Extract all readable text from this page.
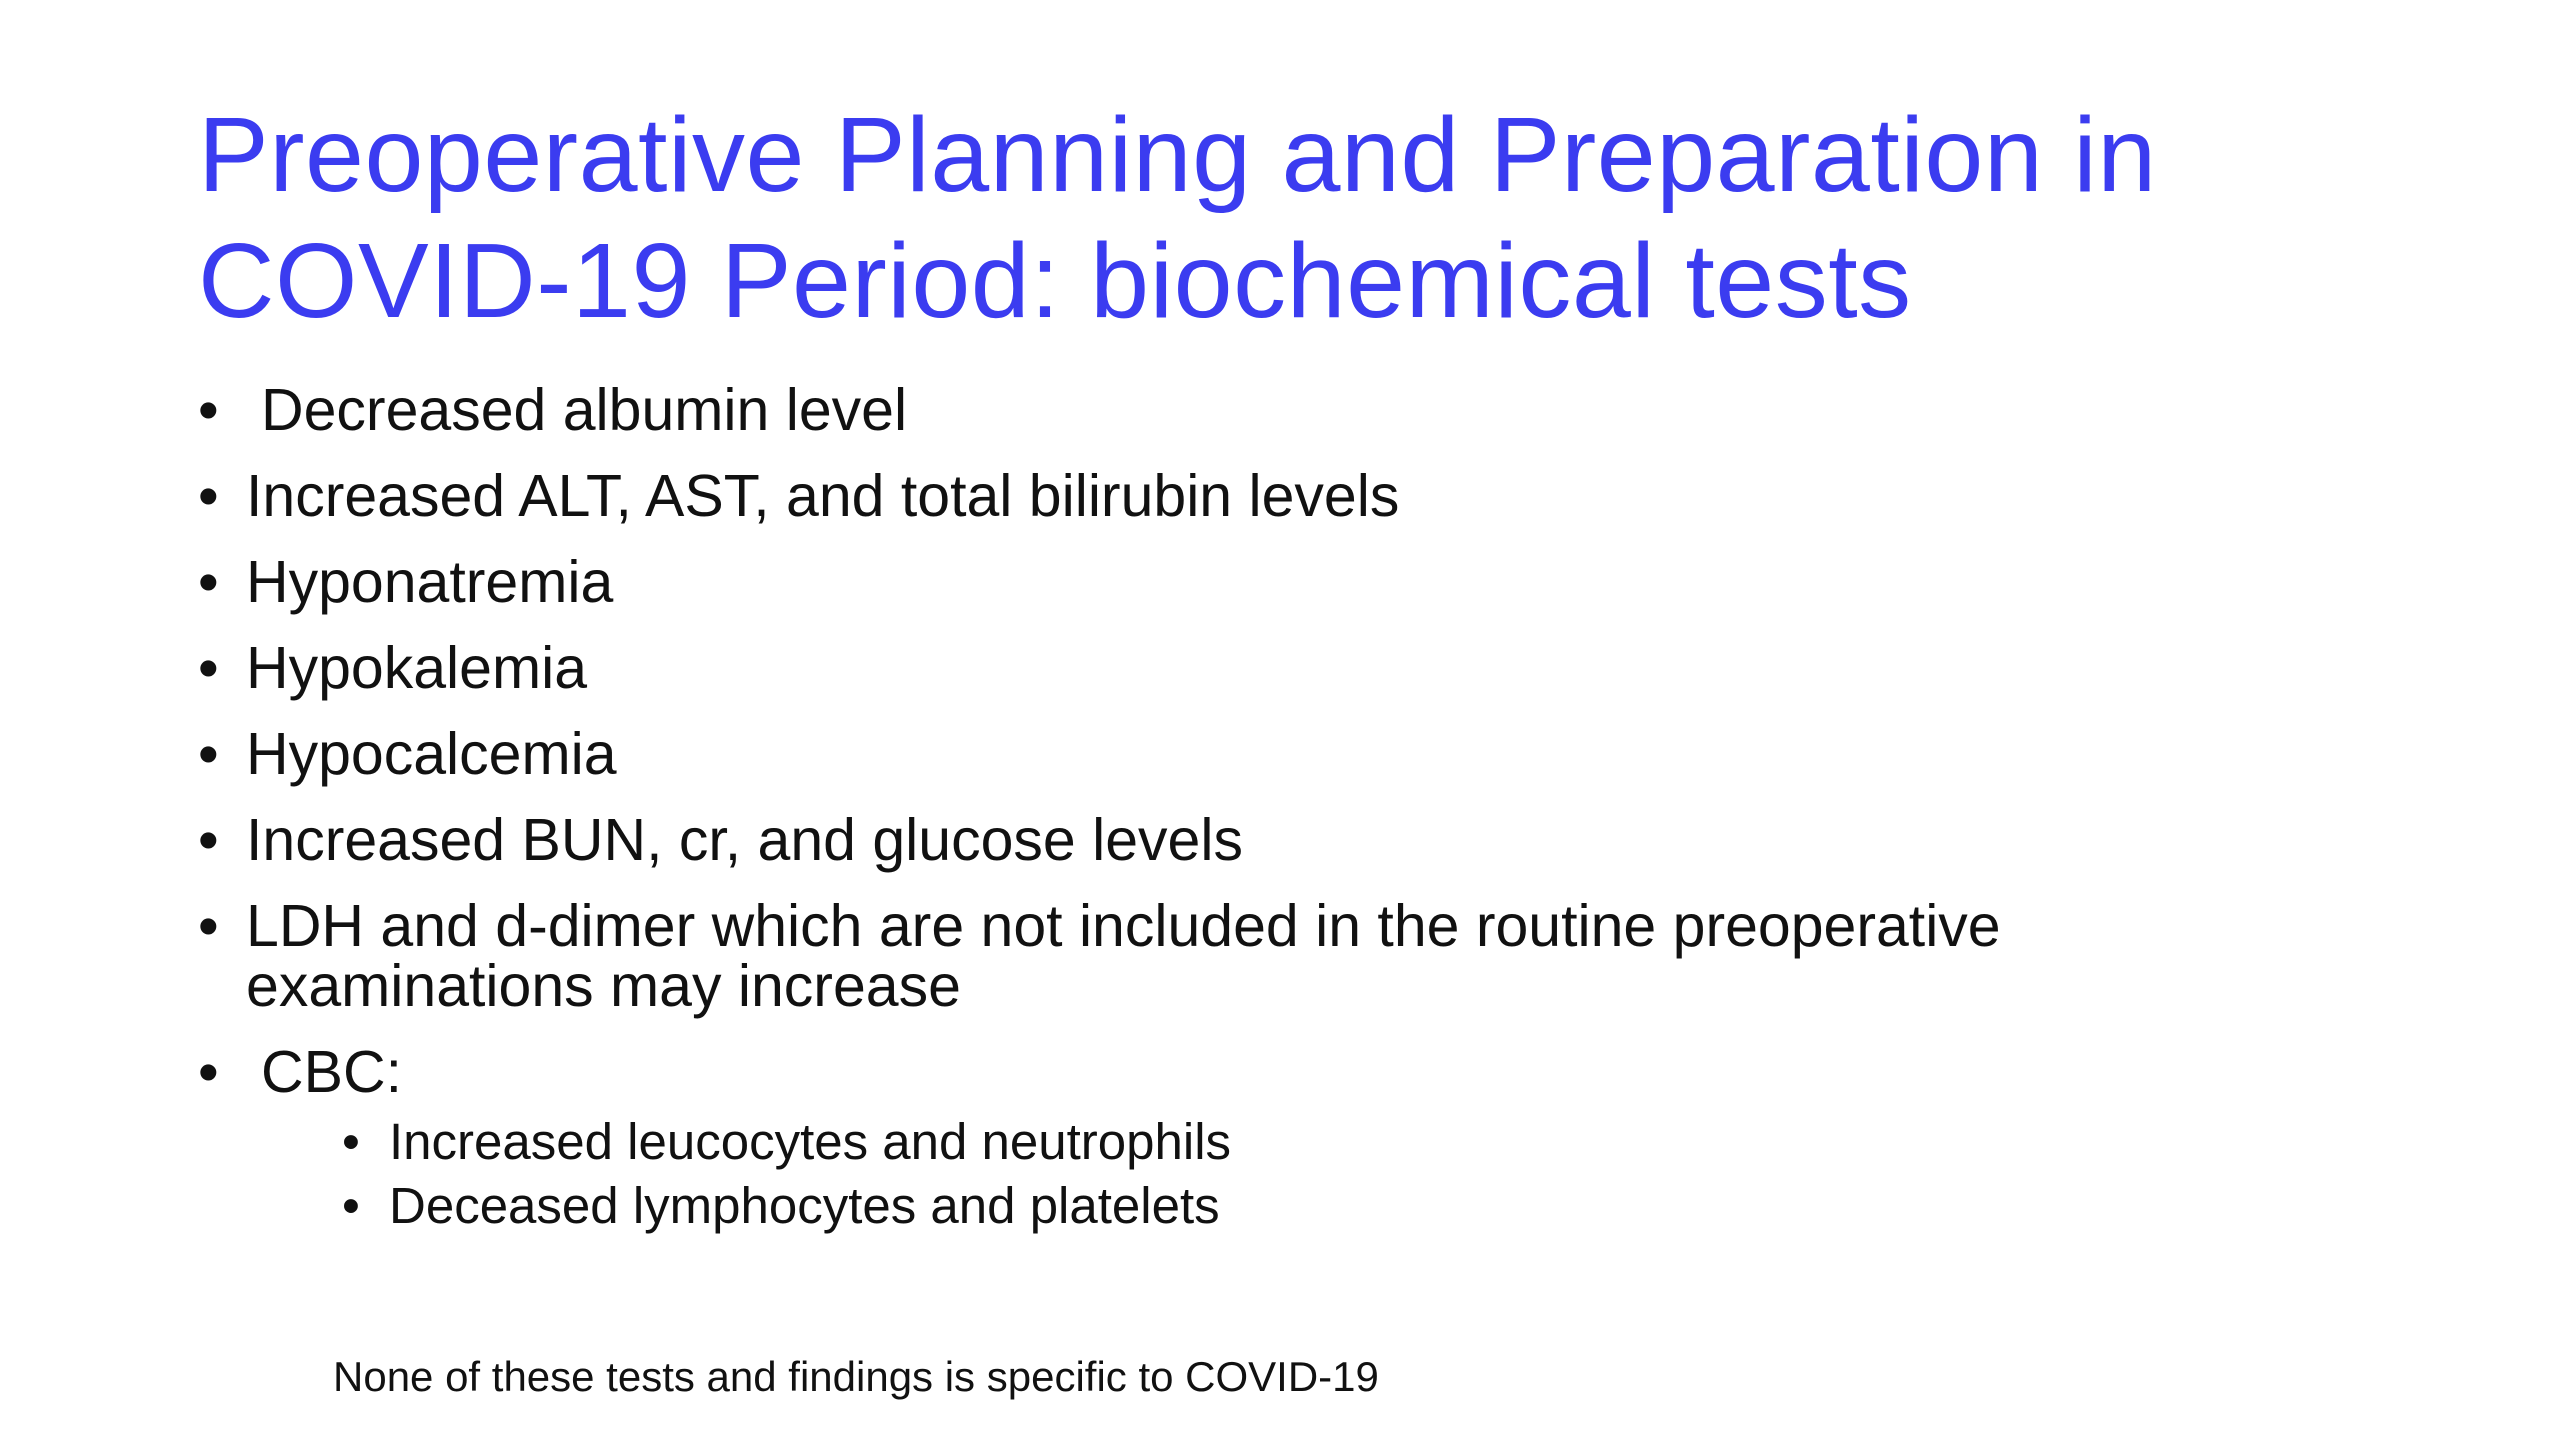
Preoperative Planning and Preparation in
COVID-19 Period: biochemical tests
• Decreased albumin level
• Increased ALT, AST, and total bilirubin levels
• Hyponatremia
• Hypokalemia
• Hypocalcemia
• Increased BUN, cr, and glucose levels
• LDH and d-dimer which are not included in the routine preoperative examinations may increase
• CBC:
• Increased leucocytes and neutrophils
• Deceased lymphocytes and platelets
None of these tests and findings is specific to COVID-19
